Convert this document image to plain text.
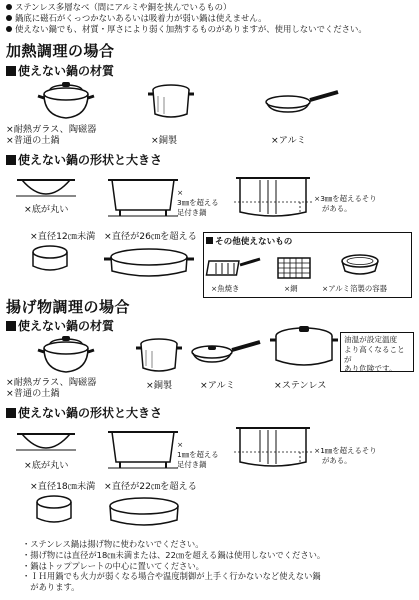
ステンレス多層なべ（間にアルミや銅を挟んでいるもの）
鍋底に磁石がくっつかないあるいは吸着力が弱い鍋は使えません。
使えない鍋でも、材質・厚さにより弱く加熱するものがありますが、使用しないでください。
加熱調理の場合
使えない鍋の材質
×耐熱ガラス、陶磁器
×普通の土鍋	×銅製	×アルミ
使えない鍋の形状と大きさ
×底が丸い
×
3㎜を超える
足付き鍋
×3㎜を超えるそり
がある。
×直径12㎝未満 ×直径が26㎝を超える	その他使えないもの
×魚焼き	×網	×アルミ箔製の容器
揚げ物調理の場合
使えない鍋の材質
油温が設定温度
より高くなることが
あり危険です。
×耐熱ガラス、陶磁器
×普通の土鍋
×銅製	×アルミ	×ステンレス
使えない鍋の形状と大きさ
×底が丸い
×
1㎜を超える
足付き鍋
×1㎜を超えるそり
がある。
×直径18㎝未満 ×直径が22㎝を超える
・ステンレス鍋は揚げ物に使わないでください。
・揚げ物には直径が18㎝未満または、22㎝を超える鍋は使用しないでください。
・鍋はトッププレートの中心に置いてください。
・ＩＨ用鍋でも火力が弱くなる場合や温度制御が上手く行かないなど使えない鍋
　があります。
